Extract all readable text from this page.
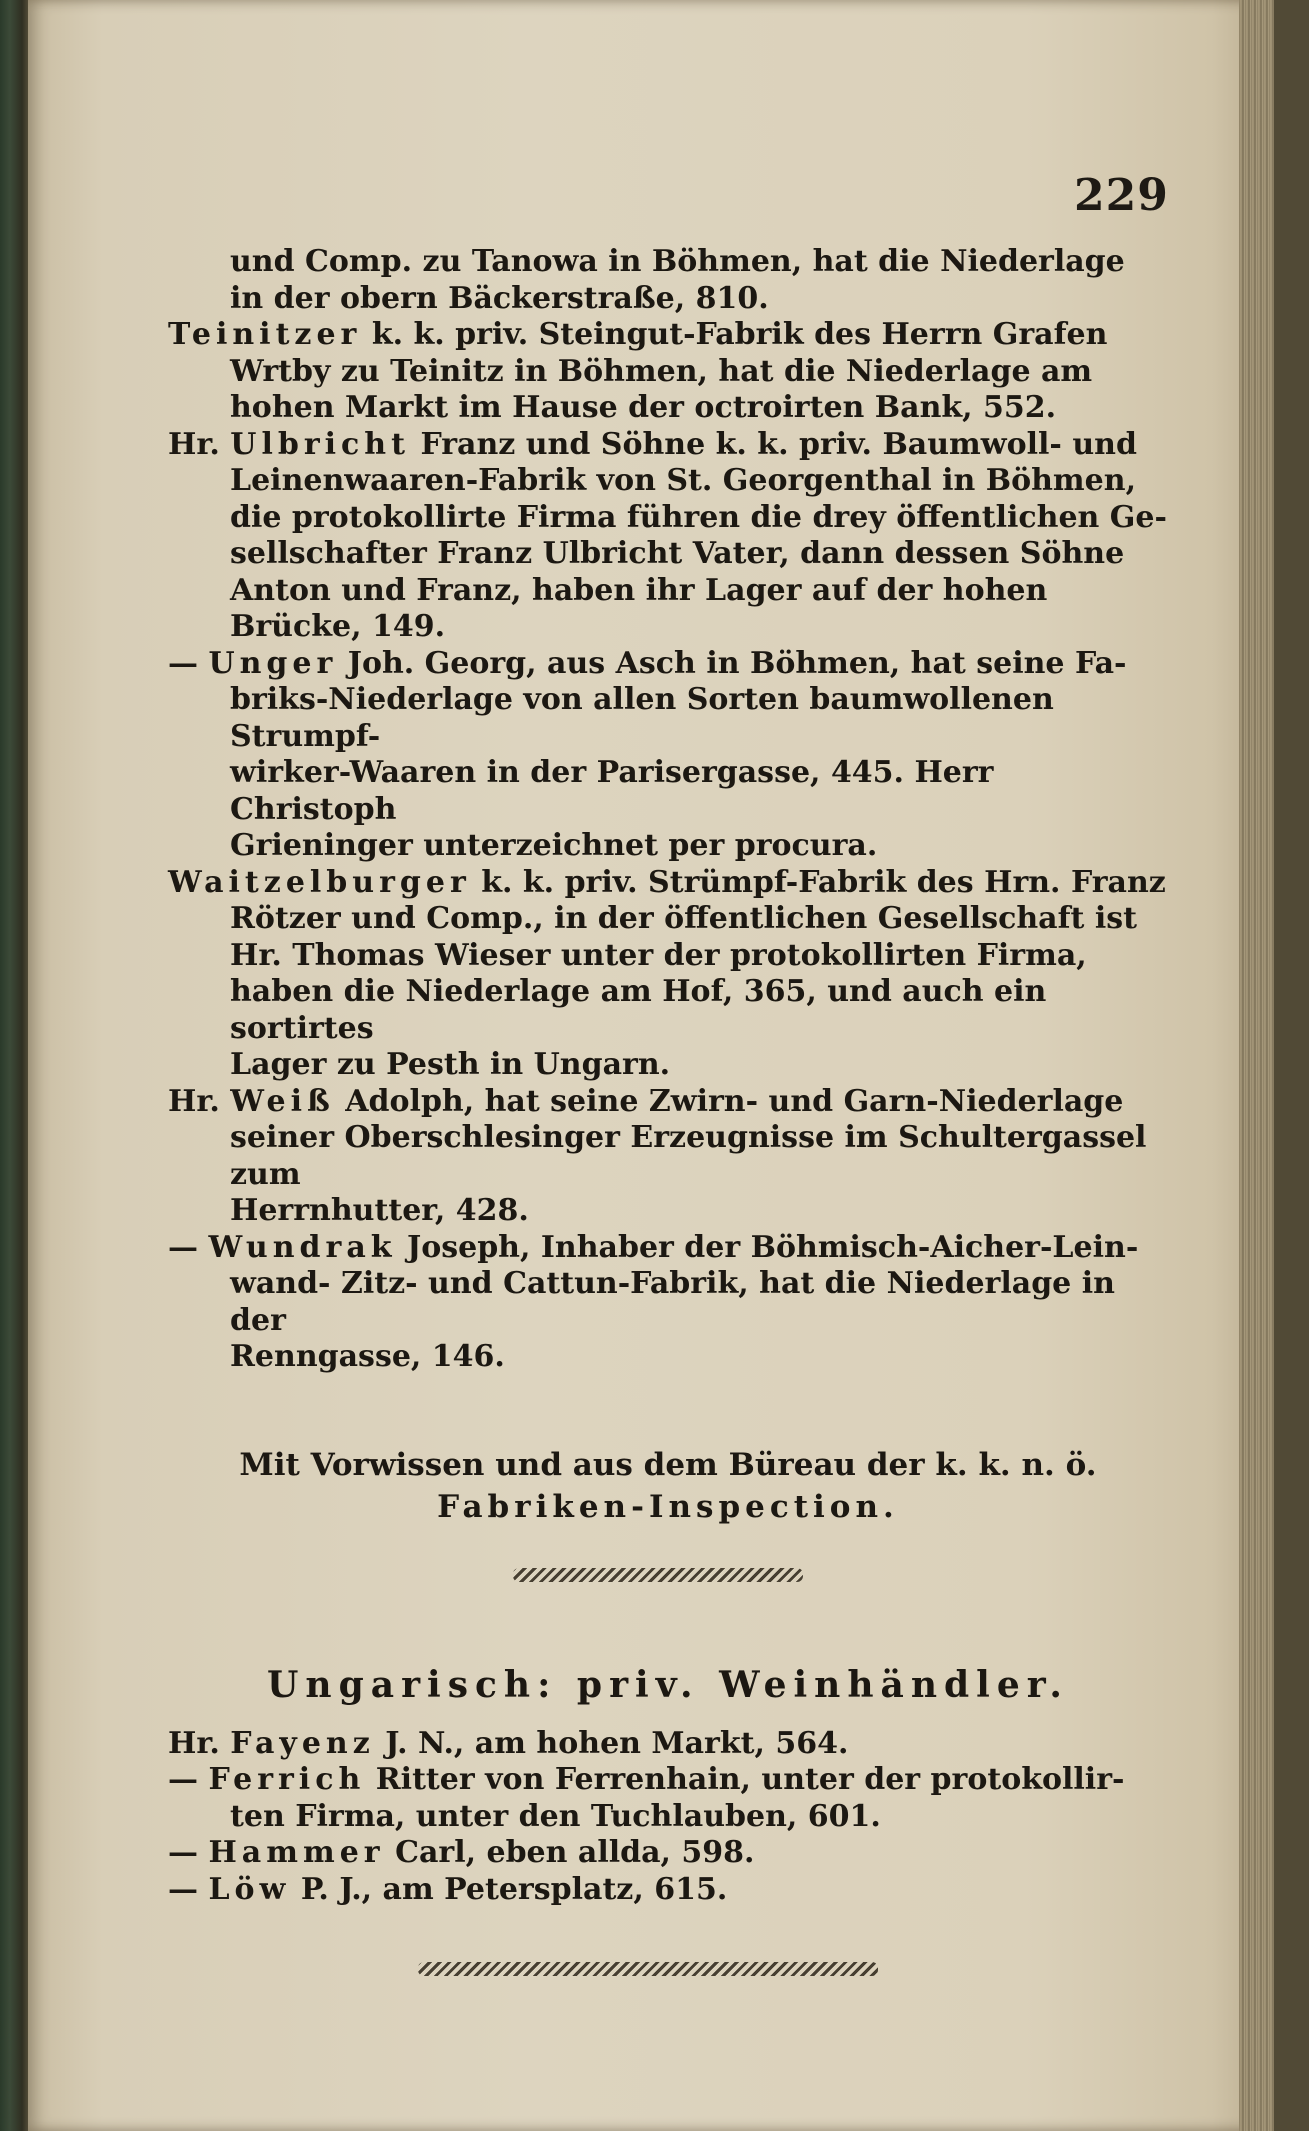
229

und Comp. zu Tanowa in Böhmen, hat die Niederlage
in der obern Bäckerstraße, 810.

Teinitzer k. k. priv. Steingut-Fabrik des Herrn Grafen
Wrtby zu Teinitz in Böhmen, hat die Niederlage am
hohen Markt im Hause der octroirten Bank, 552.

Hr. Ulbricht Franz und Söhne k. k. priv. Baumwoll- und
Leinenwaaren-Fabrik von St. Georgenthal in Böhmen,
die protokollirte Firma führen die drey öffentlichen Ge-
sellschafter Franz Ulbricht Vater, dann dessen Söhne
Anton und Franz, haben ihr Lager auf der hohen
Brücke, 149.

— Unger Joh. Georg, aus Asch in Böhmen, hat seine Fa-
briks-Niederlage von allen Sorten baumwollenen Strumpf-
wirker-Waaren in der Parisergasse, 445. Herr Christoph
Grieninger unterzeichnet per procura.

Waitzelburger k. k. priv. Strümpf-Fabrik des Hrn. Franz
Rötzer und Comp., in der öffentlichen Gesellschaft ist
Hr. Thomas Wieser unter der protokollirten Firma,
haben die Niederlage am Hof, 365, und auch ein sortirtes
Lager zu Pesth in Ungarn.

Hr. Weiß Adolph, hat seine Zwirn- und Garn-Niederlage
seiner Oberschlesinger Erzeugnisse im Schultergassel zum
Herrnhutter, 428.

— Wundrak Joseph, Inhaber der Böhmisch-Aicher-Lein-
wand- Zitz- und Cattun-Fabrik, hat die Niederlage in der
Renngasse, 146.

Mit Vorwissen und aus dem Büreau der k. k. n. ö.
Fabriken-Inspection.

Ungarisch: priv. Weinhändler.

Hr. Fayenz J. N., am hohen Markt, 564.

— Ferrich Ritter von Ferrenhain, unter der protokollir-
ten Firma, unter den Tuchlauben, 601.

— Hammer Carl, eben allda, 598.

— Löw P. J., am Petersplatz, 615.
